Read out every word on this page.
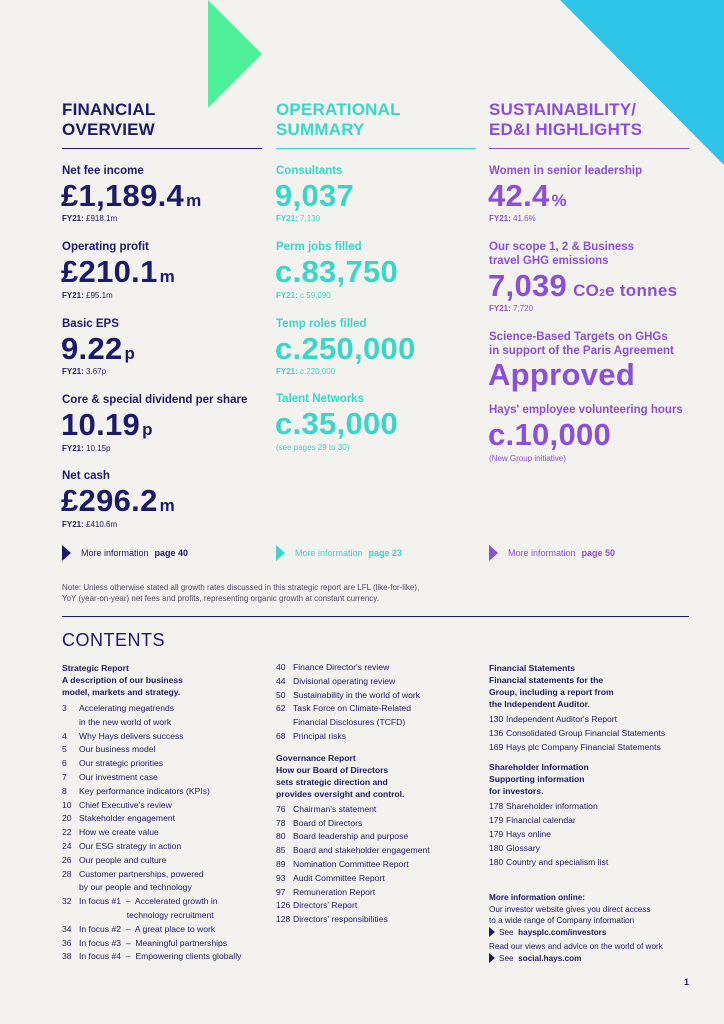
FINANCIAL
OVERVIEW
OPERATIONAL
SUMMARY
SUSTAINABILITY/
ED&I HIGHLIGHTS
Net fee income
£1,189.4 m
FY21: £918.1m
Operating profit
£210.1 m
FY21: £95.1m
Basic EPS
9.22 p
FY21: 3.67p
Core & special dividend per share
10.19 p
FY21: 10.15p
Net cash
£296.2 m
FY21: £410.6m
More information page 40
Consultants
9,037
FY21: 7,130
Perm jobs filled
c.83,750
FY21: c.59,090
Temp roles filled
c.250,000
FY21: c.220,000
Talent Networks
c.35,000
(see pages 29 to 30)
More information page 23
Women in senior leadership
42.4 %
FY21: 41.6%
Our scope 1, 2 & Business
travel GHG emissions
7,039 CO2e tonnes
FY21: 7,720
Science-Based Targets on GHGs
in support of the Paris Agreement
Approved
Hays' employee volunteering hours
c.10,000
(New Group initiative)
More information page 50
Note: Unless otherwise stated all growth rates discussed in this strategic report are LFL (like-for-like),
YoY (year-on-year) net fees and profits, representing organic growth at constant currency.
CONTENTS
Strategic Report
A description of our business
model, markets and strategy.
3	Accelerating megatrends
in the new world of work
4	Why Hays delivers success
5	Our business model
6	Our strategic priorities
7	Our investment case
8	Key performance indicators (KPIs)
10 Chief Executive's review
20 Stakeholder engagement
22 How we create value
24 Our ESG strategy in action
26 Our people and culture
28 Customer partnerships, powered
by our people and technology
32 In focus #1  –  Accelerated growth in
technology recruitment
34 In focus #2  –  A great place to work
36 In focus #3  –  Meaningful partnerships
38 In focus #4  –  Empowering clients globally
40 Finance Director's review
44 Divisional operating review
50 Sustainability in the world of work
62 Task Force on Climate-Related
Financial Disclosures (TCFD)
68 Principal risks
Governance Report
How our Board of Directors
sets strategic direction and
provides oversight and control.
76 Chairman's statement
78 Board of Directors
80 Board leadership and purpose
85 Board and stakeholder engagement
89 Nomination Committee Report
93 Audit Committee Report
97 Remuneration Report
126 Directors' Report
128 Directors' responsibilities
Financial Statements
Financial statements for the
Group, including a report from
the Independent Auditor.
130 Independent Auditor's Report
136 Consolidated Group Financial Statements
169 Hays plc Company Financial Statements
Shareholder Information
Supporting information
for investors.
178 Shareholder information
179 Financial calendar
179 Hays online
180 Glossary
180 Country and specialism list
More information online:
Our investor website gives you direct access
to a wide range of Company information
See
haysplc.com/investors
Read our views and advice on the world of work
See
social.hays.com
1
